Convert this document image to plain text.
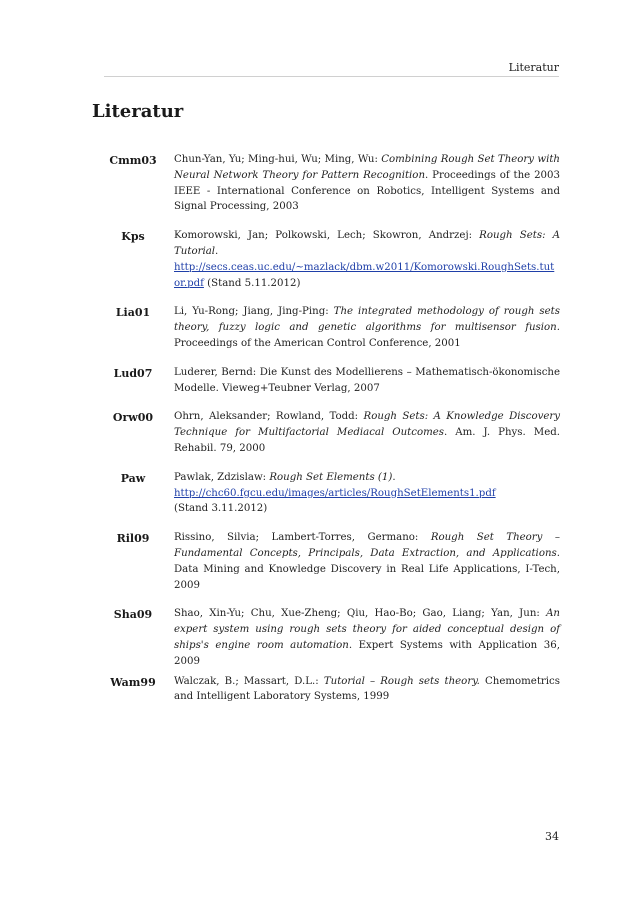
Literatur
Literatur
Cmm03	Chun-Yan, Yu; Ming-hui, Wu; Ming, Wu: Combining Rough Set Theory with Neural Network Theory for Pattern Recognition. Proceedings of the 2003 IEEE - International Conference on Robotics, Intelligent Systems and Signal Processing, 2003
Kps	Komorowski, Jan; Polkowski, Lech; Skowron, Andrzej: Rough Sets: A Tutorial.
http://secs.ceas.uc.edu/~mazlack/dbm.w2011/Komorowski.RoughSets.tutor.pdf (Stand 5.11.2012)
Lia01	Li, Yu-Rong; Jiang, Jing-Ping: The integrated methodology of rough sets theory, fuzzy logic and genetic algorithms for multisensor fusion. Proceedings of the American Control Conference, 2001
Lud07	Luderer, Bernd: Die Kunst des Modellierens – Mathematisch-ökonomische Modelle. Vieweg+Teubner Verlag, 2007
Orw00	Ohrn, Aleksander; Rowland, Todd: Rough Sets: A Knowledge Discovery Technique for Multifactorial Mediacal Outcomes. Am. J. Phys. Med. Rehabil. 79, 2000
Paw	Pawlak, Zdzislaw: Rough Set Elements (1).
http://chc60.fgcu.edu/images/articles/RoughSetElements1.pdf
(Stand 3.11.2012)
Ril09	Rissino, Silvia; Lambert-Torres, Germano: Rough Set Theory – Fundamental Concepts, Principals, Data Extraction, and Applications. Data Mining and Knowledge Discovery in Real Life Applications, I-Tech, 2009
Sha09	Shao, Xin-Yu; Chu, Xue-Zheng; Qiu, Hao-Bo; Gao, Liang; Yan, Jun: An expert system using rough sets theory for aided conceptual design of ships's engine room automation. Expert Systems with Application 36, 2009
Wam99	Walczak, B.; Massart, D.L.: Tutorial – Rough sets theory. Chemometrics and Intelligent Laboratory Systems, 1999
34
